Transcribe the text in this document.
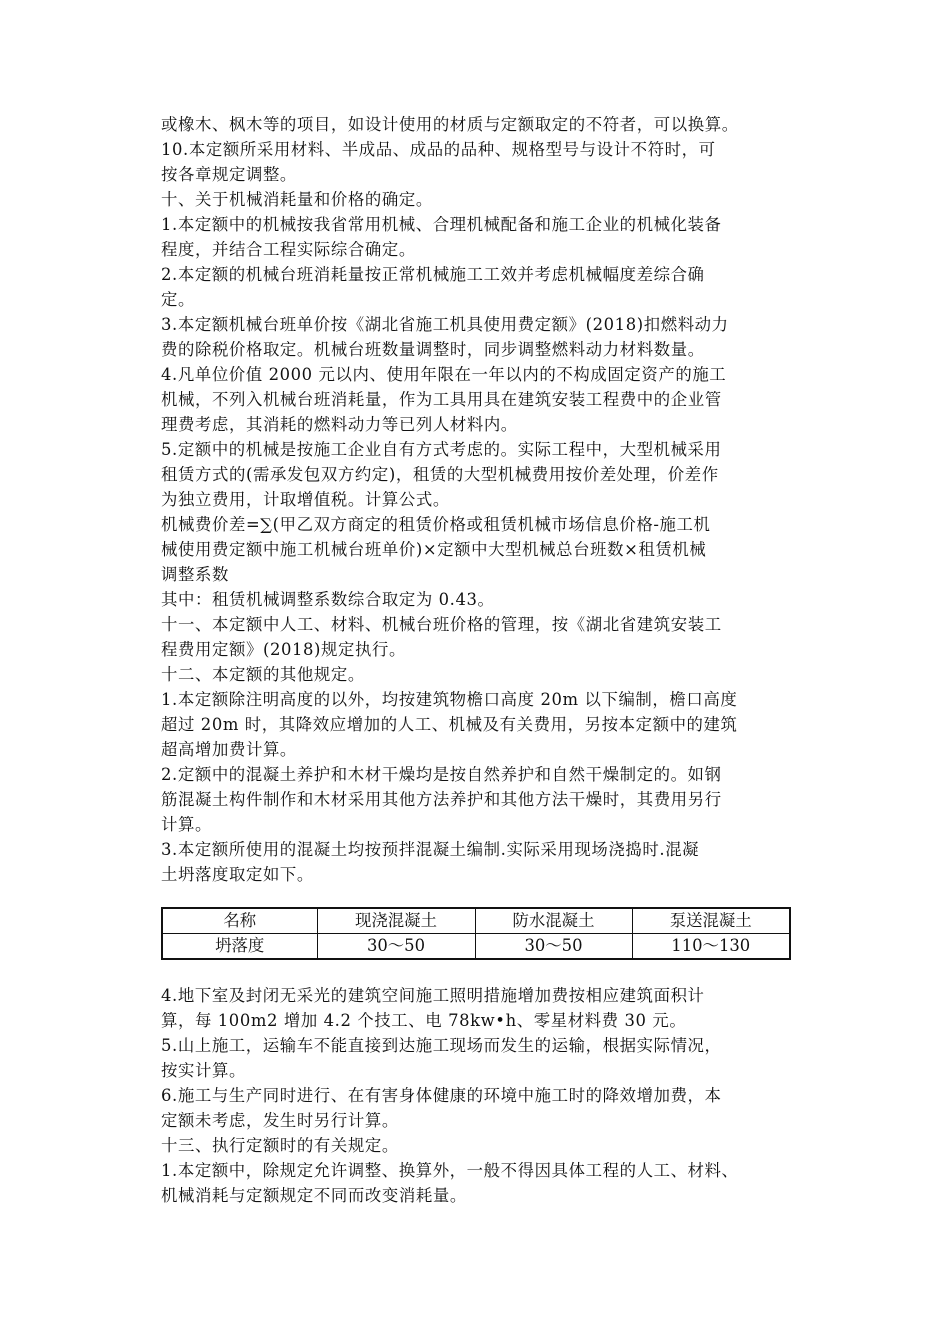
或橡木、枫木等的项目，如设计使用的材质与定额取定的不符者，可以换算。
10.本定额所采用材料、半成品、成品的品种、规格型号与设计不符时，可
按各章规定调整。
十、关于机械消耗量和价格的确定。
1.本定额中的机械按我省常用机械、合理机械配备和施工企业的机械化装备
程度，并结合工程实际综合确定。
2.本定额的机械台班消耗量按正常机械施工工效并考虑机械幅度差综合确
定。
3.本定额机械台班单价按《湖北省施工机具使用费定额》(2018)扣燃料动力
费的除税价格取定。机械台班数量调整时，同步调整燃料动力材料数量。
4.凡单位价值 2000 元以内、使用年限在一年以内的不构成固定资产的施工
机械，不列入机械台班消耗量，作为工具用具在建筑安装工程费中的企业管
理费考虑，其消耗的燃料动力等已列人材料内。
5.定额中的机械是按施工企业自有方式考虑的。实际工程中，大型机械采用
租赁方式的(需承发包双方约定)，租赁的大型机械费用按价差处理，价差作
为独立费用，计取增值税。计算公式。
机械费价差=∑(甲乙双方商定的租赁价格或租赁机械市场信息价格-施工机
械使用费定额中施工机械台班单价)×定额中大型机械总台班数×租赁机械
调整系数
其中：租赁机械调整系数综合取定为 0.43。
十一、本定额中人工、材料、机械台班价格的管理，按《湖北省建筑安装工
程费用定额》(2018)规定执行。
十二、本定额的其他规定。
1.本定额除注明高度的以外，均按建筑物檐口高度 20m 以下编制，檐口高度
超过 20m 时，其降效应增加的人工、机械及有关费用，另按本定额中的建筑
超高增加费计算。
2.定额中的混凝土养护和木材干燥均是按自然养护和自然干燥制定的。如钢
筋混凝土构件制作和木材采用其他方法养护和其他方法干燥时，其费用另行
计算。
3.本定额所使用的混凝土均按预拌混凝土编制.实际采用现场浇捣时.混凝
土坍落度取定如下。
名称	现浇混凝土	防水混凝土	泵送混凝土
坍落度	30～50	30～50	110～130
4.地下室及封闭无采光的建筑空间施工照明措施增加费按相应建筑面积计
算，每 100m2 增加 4.2 个技工、电 78kw•h、零星材料费 30 元。
5.山上施工，运输车不能直接到达施工现场而发生的运输，根据实际情况，
按实计算。
6.施工与生产同时进行、在有害身体健康的环境中施工时的降效增加费，本
定额未考虑，发生时另行计算。
十三、执行定额时的有关规定。
1.本定额中，除规定允许调整、换算外，一般不得因具体工程的人工、材料、
机械消耗与定额规定不同而改变消耗量。
